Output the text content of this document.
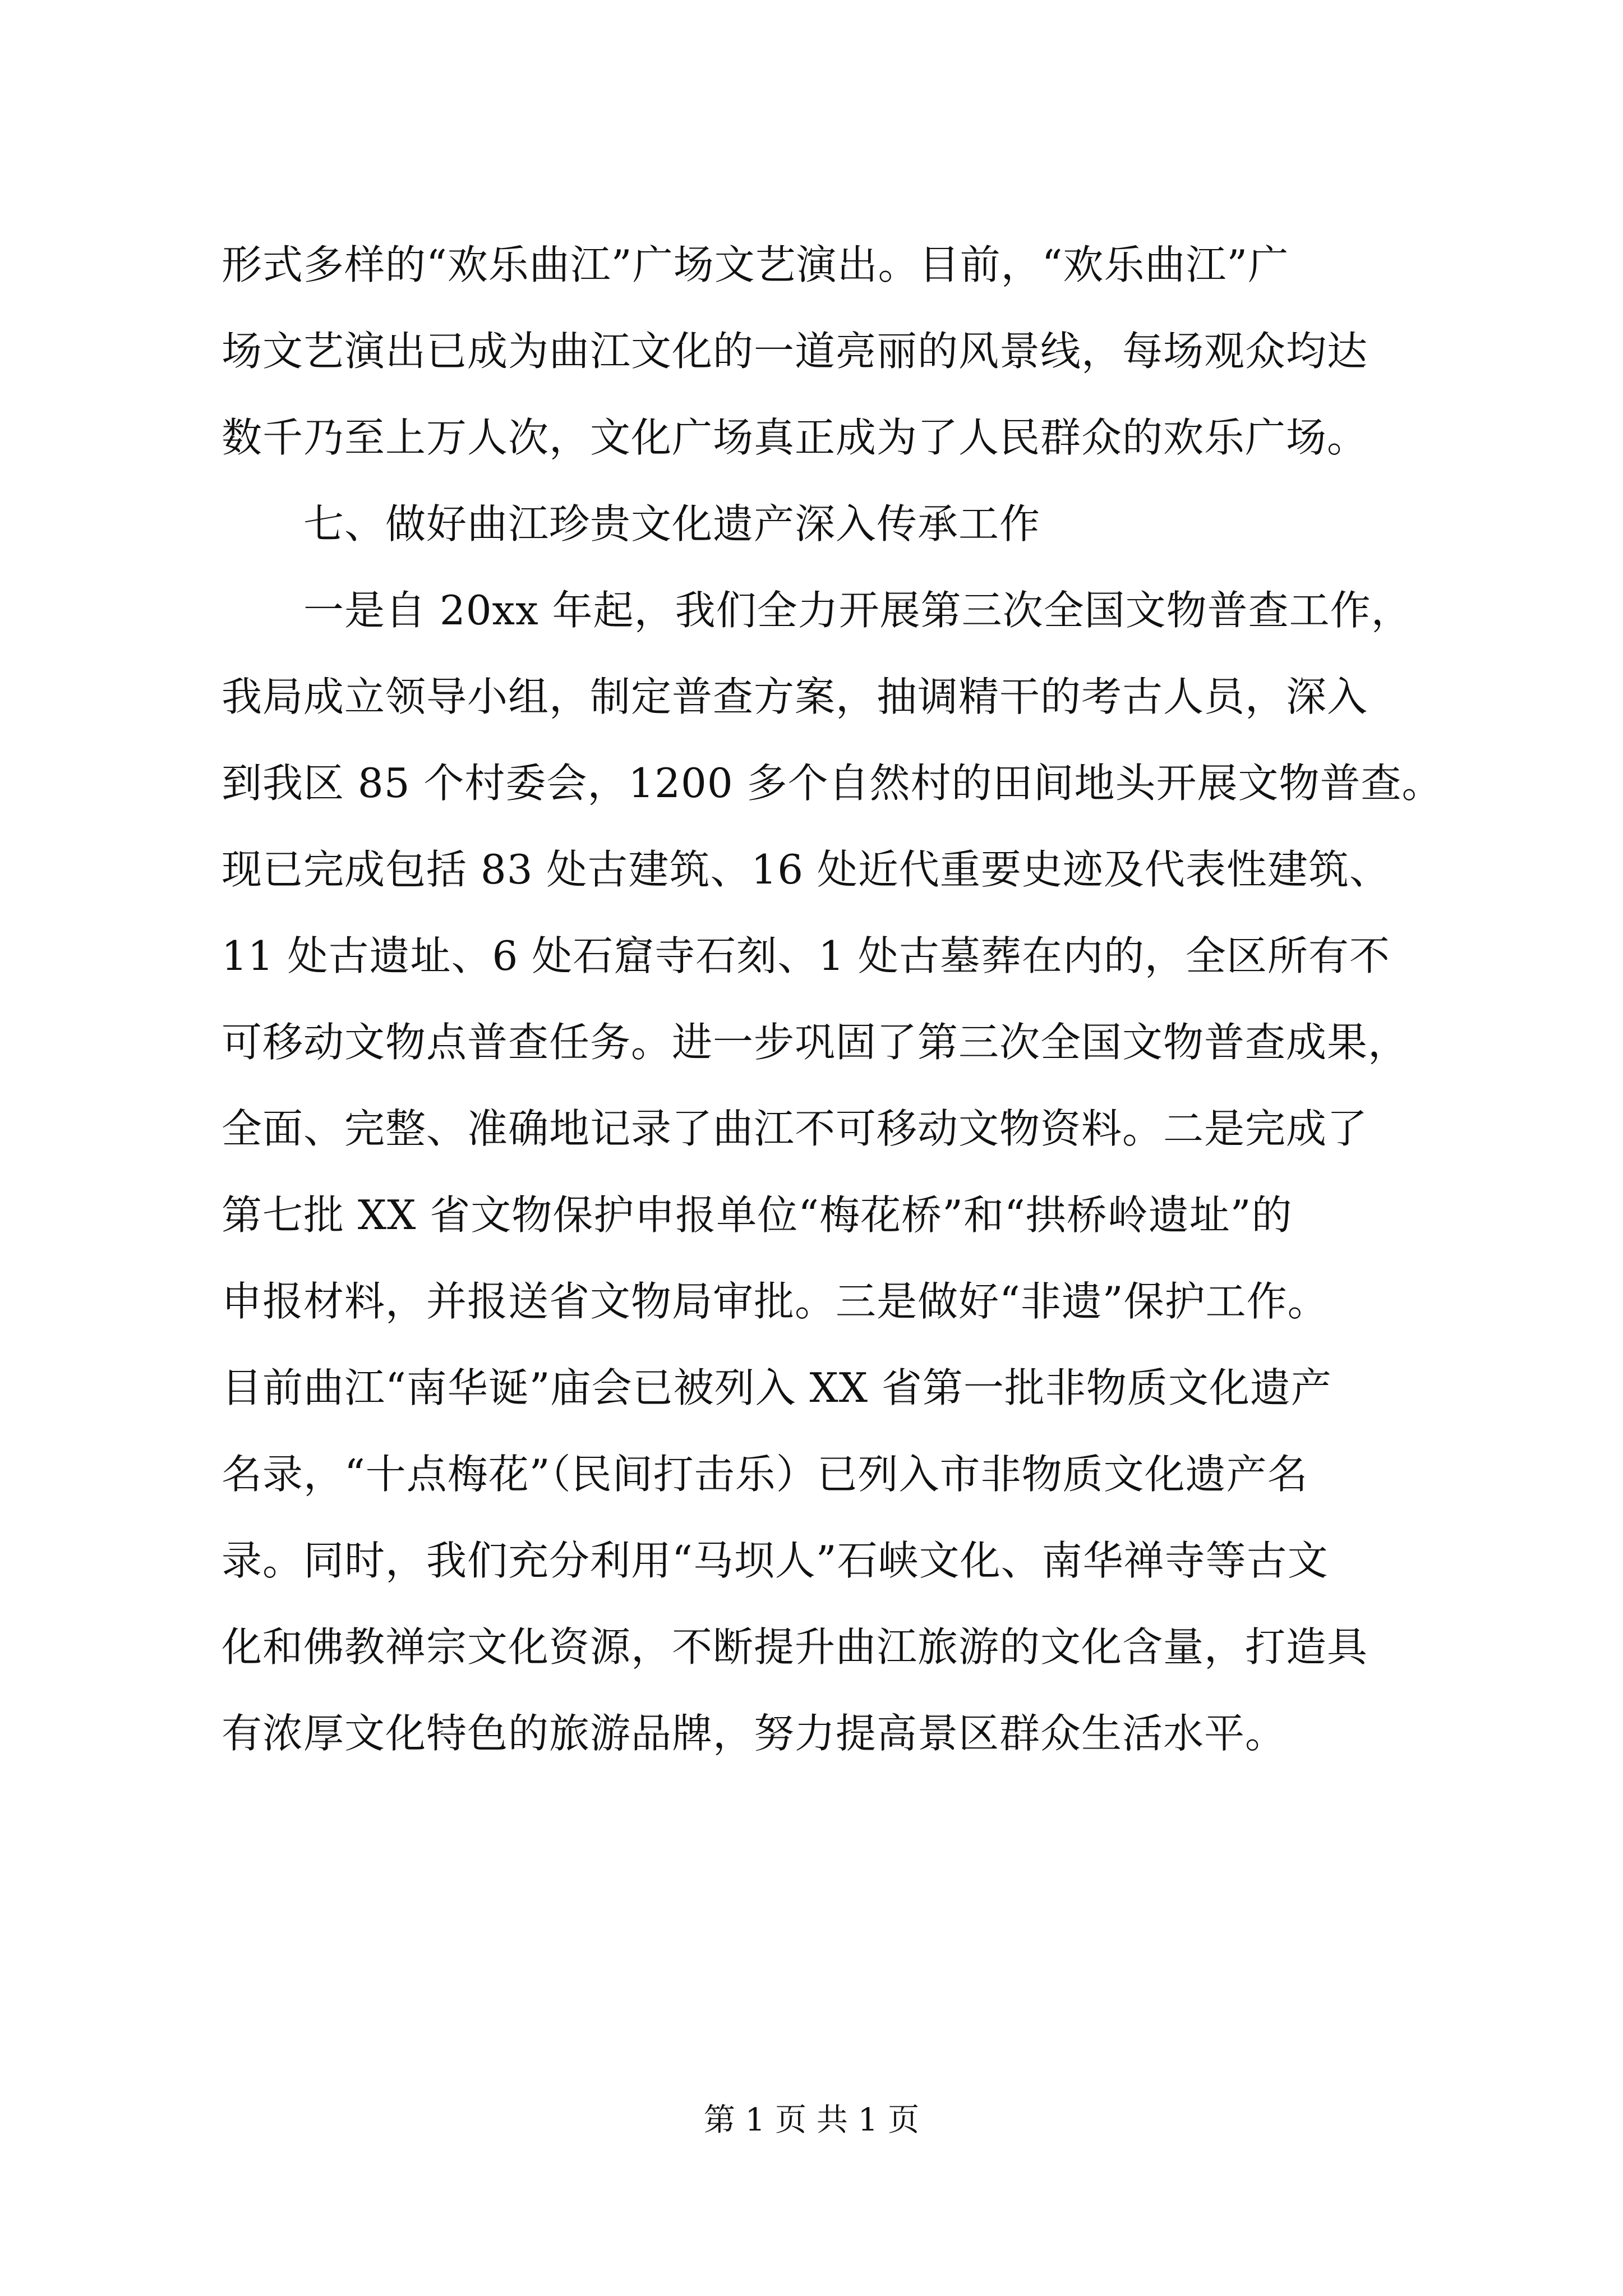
形式多样的“欢乐曲江”广场文艺演出。目前，“欢乐曲江”广
场文艺演出已成为曲江文化的一道亮丽的风景线，每场观众均达
数千乃至上万人次，文化广场真正成为了人民群众的欢乐广场。
七、做好曲江珍贵文化遗产深入传承工作
一是自 20xx 年起，我们全力开展第三次全国文物普查工作，
我局成立领导小组，制定普查方案，抽调精干的考古人员，深入
到我区 85 个村委会，1200 多个自然村的田间地头开展文物普查。
现已完成包括 83 处古建筑、16 处近代重要史迹及代表性建筑、
11 处古遗址、6 处石窟寺石刻、1 处古墓葬在内的，全区所有不
可移动文物点普查任务。进一步巩固了第三次全国文物普查成果，
全面、完整、准确地记录了曲江不可移动文物资料。二是完成了
第七批 XX 省文物保护申报单位“梅花桥”和“拱桥岭遗址”的
申报材料，并报送省文物局审批。三是做好“非遗”保护工作。
目前曲江“南华诞”庙会已被列入 XX 省第一批非物质文化遗产
名录，“十点梅花”（民间打击乐）已列入市非物质文化遗产名
录。同时，我们充分利用“马坝人”石峡文化、南华禅寺等古文
化和佛教禅宗文化资源，不断提升曲江旅游的文化含量，打造具
有浓厚文化特色的旅游品牌，努力提高景区群众生活水平。
第 1 页 共 1 页
